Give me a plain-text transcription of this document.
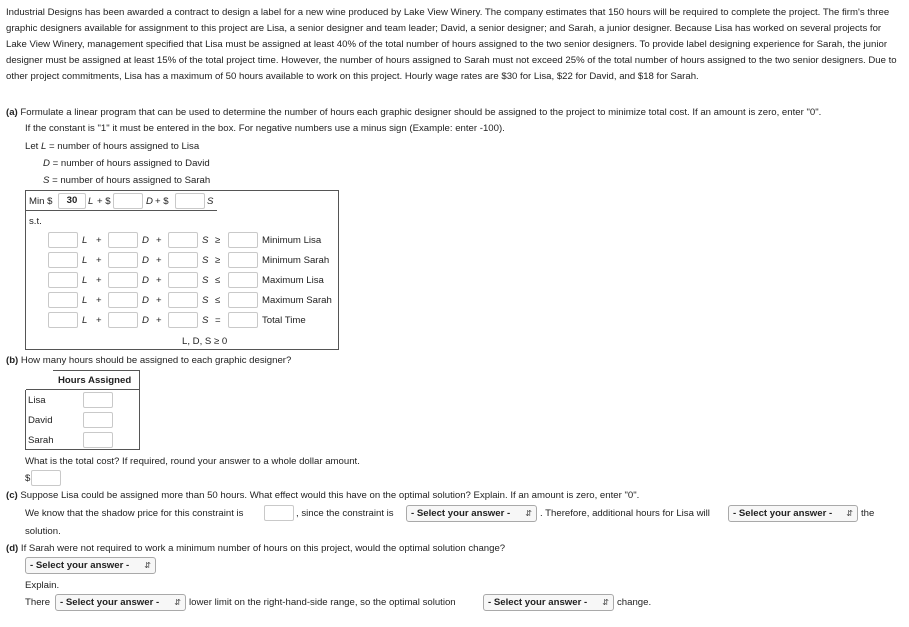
Industrial Designs has been awarded a contract to design a label for a new wine produced by Lake View Winery. The company estimates that 150 hours will be required to complete the project. The firm's three graphic designers available for assignment to this project are Lisa, a senior designer and team leader; David, a senior designer; and Sarah, a junior designer. Because Lisa has worked on several projects for Lake View Winery, management specified that Lisa must be assigned at least 40% of the total number of hours assigned to the two senior designers. To provide label designing experience for Sarah, the junior designer must be assigned at least 15% of the total project time. However, the number of hours assigned to Sarah must not exceed 25% of the total number of hours assigned to the two senior designers. Due to other project commitments, Lisa has a maximum of 50 hours available to work on this project. Hourly wage rates are $30 for Lisa, $22 for David, and $18 for Sarah.
(a) Formulate a linear program that can be used to determine the number of hours each graphic designer should be assigned to the project to minimize total cost. If an amount is zero, enter "0".
If the constant is "1" it must be entered in the box. For negative numbers use a minus sign (Example: enter -100).
Let L = number of hours assigned to Lisa
D = number of hours assigned to David
S = number of hours assigned to Sarah
Min $	30	L + $	D + $	S
s.t.
L +	D +	S ≥	Minimum Lisa
L +	D +	S ≥	Minimum Sarah
L +	D +	S ≤	Maximum Lisa
L +	D +	S ≤	Maximum Sarah
L +	D +	S =	Total Time
L, D, S ≥ 0
(b) How many hours should be assigned to each graphic designer?
Hours Assigned
Lisa
David
Sarah
What is the total cost? If required, round your answer to a whole dollar amount.
$
(c) Suppose Lisa could be assigned more than 50 hours. What effect would this have on the optimal solution? Explain. If an amount is zero, enter "0".
We know that the shadow price for this constraint is	, since the constraint is	- Select your answer - ⇵ . Therefore, additional hours for Lisa will	- Select your answer - ⇵ the
solution.
(d) If Sarah were not required to work a minimum number of hours on this project, would the optimal solution change?
- Select your answer - ⇵
Explain.
There	- Select your answer - ⇵ lower limit on the right-hand-side range, so the optimal solution	- Select your answer - ⇵ change.
